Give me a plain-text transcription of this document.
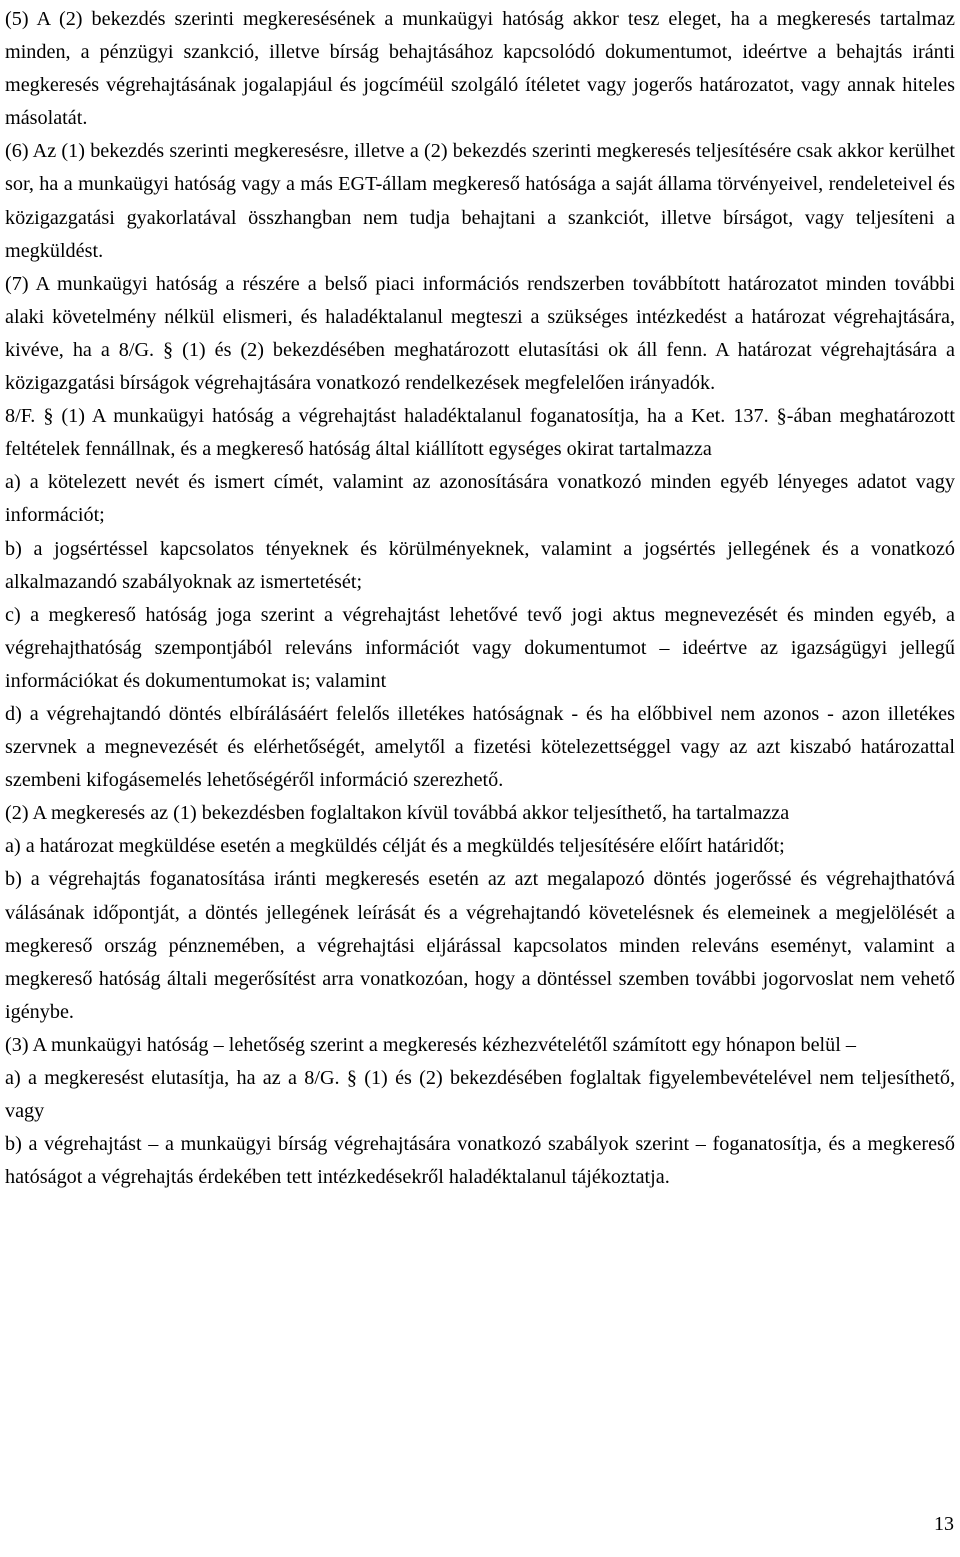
(5) A (2) bekezdés szerinti megkeresésének a munkaügyi hatóság akkor tesz eleget, ha a megkeresés tartalmaz minden, a pénzügyi szankció, illetve bírság behajtásához kapcsolódó dokumentumot, ideértve a behajtás iránti megkeresés végrehajtásának jogalapjául és jogcíméül szolgáló ítéletet vagy jogerős határozatot, vagy annak hiteles másolatát.

(6) Az (1) bekezdés szerinti megkeresésre, illetve a (2) bekezdés szerinti megkeresés teljesítésére csak akkor kerülhet sor, ha a munkaügyi hatóság vagy a más EGT-állam megkereső hatósága a saját állama törvényeivel, rendeleteivel és közigazgatási gyakorlatával összhangban nem tudja behajtani a szankciót, illetve bírságot, vagy teljesíteni a megküldést.

(7) A munkaügyi hatóság a részére a belső piaci információs rendszerben továbbított határozatot minden további alaki követelmény nélkül elismeri, és haladéktalanul megteszi a szükséges intézkedést a határozat végrehajtására, kivéve, ha a 8/G. § (1) és (2) bekezdésében meghatározott elutasítási ok áll fenn. A határozat végrehajtására a közigazgatási bírságok végrehajtására vonatkozó rendelkezések megfelelően irányadók.

8/F. § (1) A munkaügyi hatóság a végrehajtást haladéktalanul foganatosítja, ha a Ket. 137. §-ában meghatározott feltételek fennállnak, és a megkereső hatóság által kiállított egységes okirat tartalmazza

a) a kötelezett nevét és ismert címét, valamint az azonosítására vonatkozó minden egyéb lényeges adatot vagy információt;

b) a jogsértéssel kapcsolatos tényeknek és körülményeknek, valamint a jogsértés jellegének és a vonatkozó alkalmazandó szabályoknak az ismertetését;

c) a megkereső hatóság joga szerint a végrehajtást lehetővé tevő jogi aktus megnevezését és minden egyéb, a végrehajthatóság szempontjából releváns információt vagy dokumentumot – ideértve az igazságügyi jellegű információkat és dokumentumokat is; valamint

d) a végrehajtandó döntés elbírálásáért felelős illetékes hatóságnak - és ha előbbivel nem azonos - azon illetékes szervnek a megnevezését és elérhetőségét, amelytől a fizetési kötelezettséggel vagy az azt kiszabó határozattal szembeni kifogásemelés lehetőségéről információ szerezhető.

(2) A megkeresés az (1) bekezdésben foglaltakon kívül továbbá akkor teljesíthető, ha tartalmazza

a) a határozat megküldése esetén a megküldés célját és a megküldés teljesítésére előírt határidőt;

b) a végrehajtás foganatosítása iránti megkeresés esetén az azt megalapozó döntés jogerőssé és végrehajthatóvá válásának időpontját, a döntés jellegének leírását és a végrehajtandó követelésnek és elemeinek a megjelölését a megkereső ország pénznemében, a végrehajtási eljárással kapcsolatos minden releváns eseményt, valamint a megkereső hatóság általi megerősítést arra vonatkozóan, hogy a döntéssel szemben további jogorvoslat nem vehető igénybe.

(3) A munkaügyi hatóság – lehetőség szerint a megkeresés kézhezvételétől számított egy hónapon belül –

a) a megkeresést elutasítja, ha az a 8/G. § (1) és (2) bekezdésében foglaltak figyelembevételével nem teljesíthető, vagy

b) a végrehajtást – a munkaügyi bírság végrehajtására vonatkozó szabályok szerint – foganatosítja, és a megkereső hatóságot a végrehajtás érdekében tett intézkedésekről haladéktalanul tájékoztatja.

13
